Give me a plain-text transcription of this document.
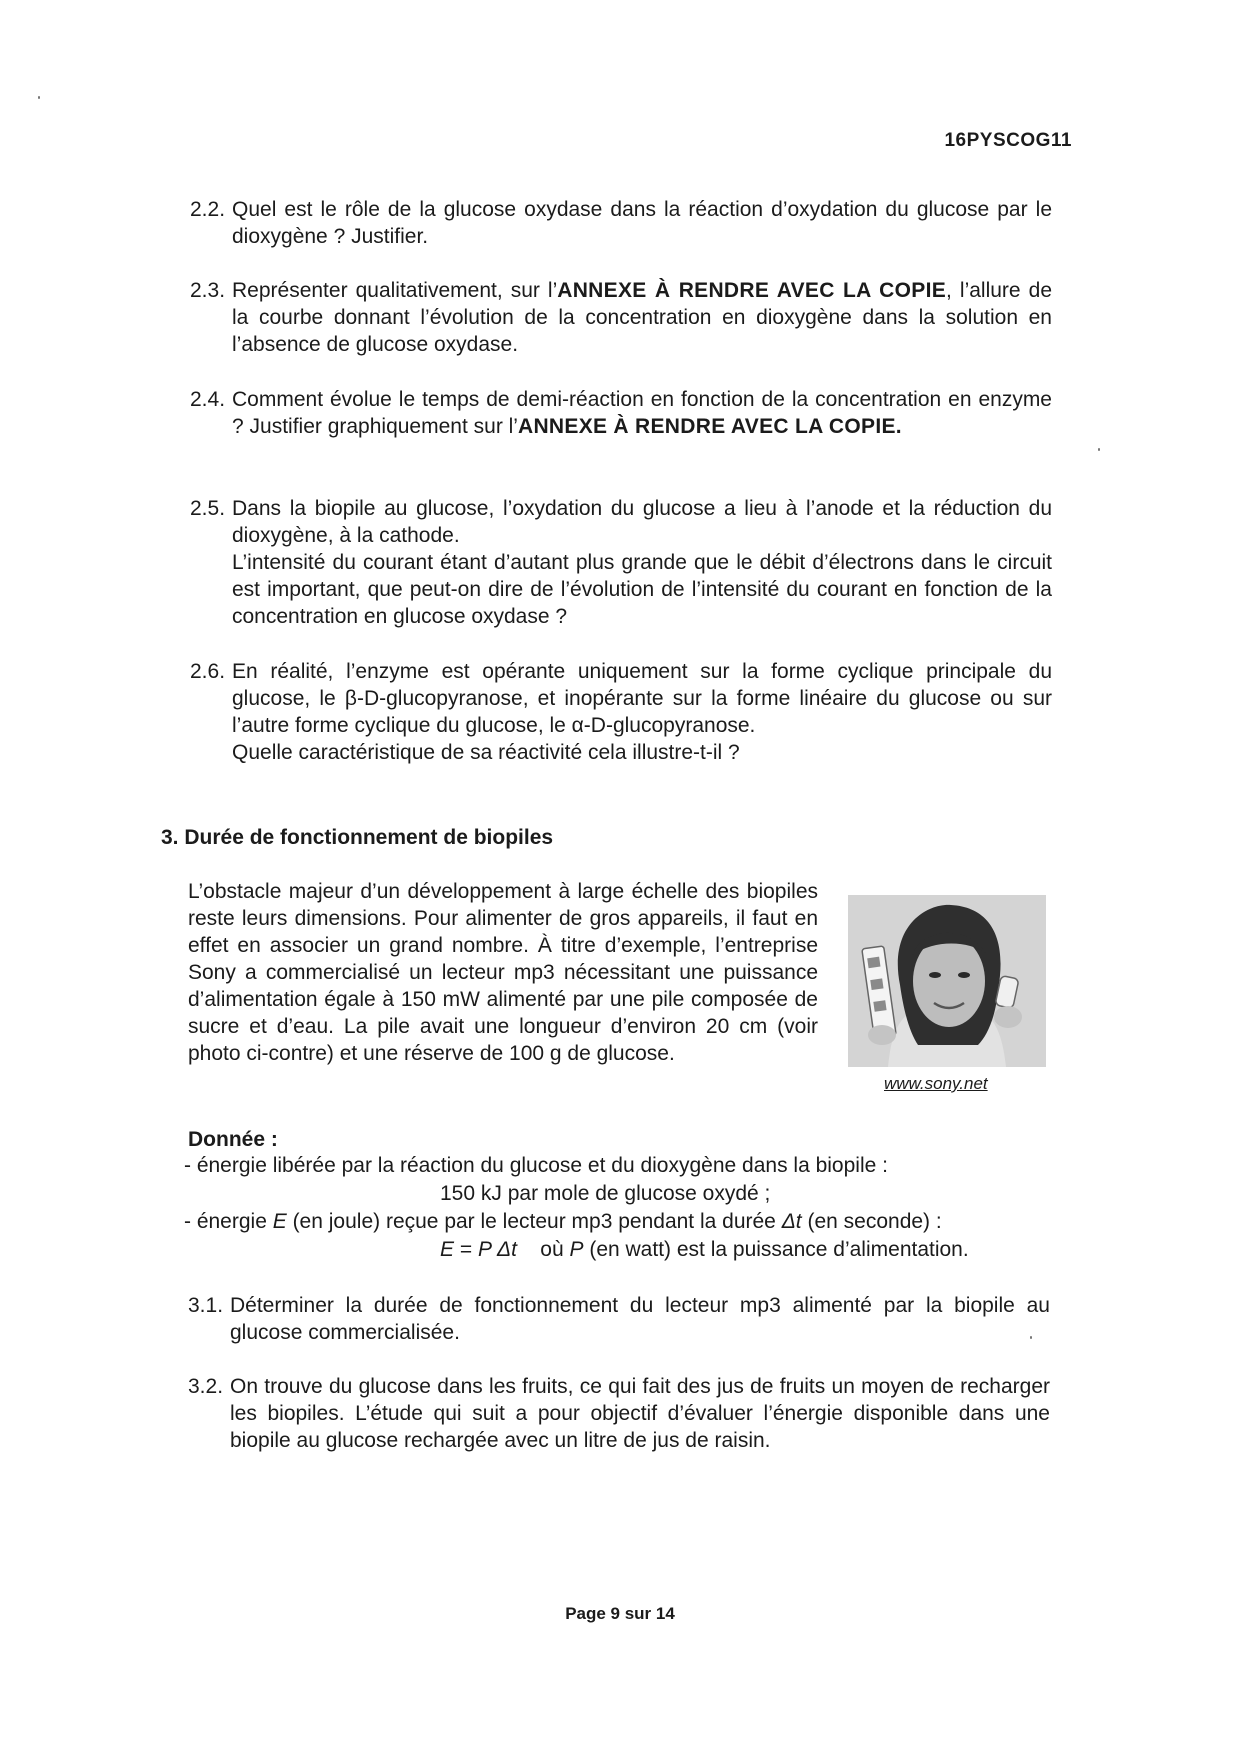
16PYSCOG11
2.2. Quel est le rôle de la glucose oxydase dans la réaction d’oxydation du glucose par le dioxygène ? Justifier.

2.3. Représenter qualitativement, sur l’ANNEXE À RENDRE AVEC LA COPIE, l’allure de la courbe donnant l’évolution de la concentration en dioxygène dans la solution en l’absence de glucose oxydase.

2.4. Comment évolue le temps de demi-réaction en fonction de la concentration en enzyme ? Justifier graphiquement sur l’ANNEXE À RENDRE AVEC LA COPIE.

2.5. Dans la biopile au glucose, l’oxydation du glucose a lieu à l’anode et la réduction du dioxygène, à la cathode.

L’intensité du courant étant d’autant plus grande que le débit d’électrons dans le circuit est important, que peut-on dire de l’évolution de l’intensité du courant en fonction de la concentration en glucose oxydase ?

2.6. En réalité, l’enzyme est opérante uniquement sur la forme cyclique principale du glucose, le β-D-glucopyranose, et inopérante sur la forme linéaire du glucose ou sur l’autre forme cyclique du glucose, le α-D-glucopyranose.

Quelle caractéristique de sa réactivité cela illustre-t-il ?

3. Durée de fonctionnement de biopiles
L’obstacle majeur d’un développement à large échelle des biopiles reste leurs dimensions. Pour alimenter de gros appareils, il faut en effet en associer un grand nombre. À titre d’exemple, l’entreprise Sony a commercialisé un lecteur mp3 nécessitant une puissance d’alimentation égale à 150 mW alimenté par une pile composée de sucre et d’eau. La pile avait une longueur d’environ 20 cm (voir photo ci-contre) et une réserve de 100 g de glucose.
www.sony.net
Donnée :
- énergie libérée par la réaction du glucose et du dioxygène dans la biopile :
150 kJ par mole de glucose oxydé ;
- énergie E (en joule) reçue par le lecteur mp3 pendant la durée Δt (en seconde) :
E = P Δt    où P (en watt) est la puissance d’alimentation.
3.1. Déterminer la durée de fonctionnement du lecteur mp3 alimenté par la biopile au glucose commercialisée.

3.2. On trouve du glucose dans les fruits, ce qui fait des jus de fruits un moyen de recharger les biopiles. L’étude qui suit a pour objectif d’évaluer l’énergie disponible dans une biopile au glucose rechargée avec un litre de jus de raisin.

Page 9 sur 14
